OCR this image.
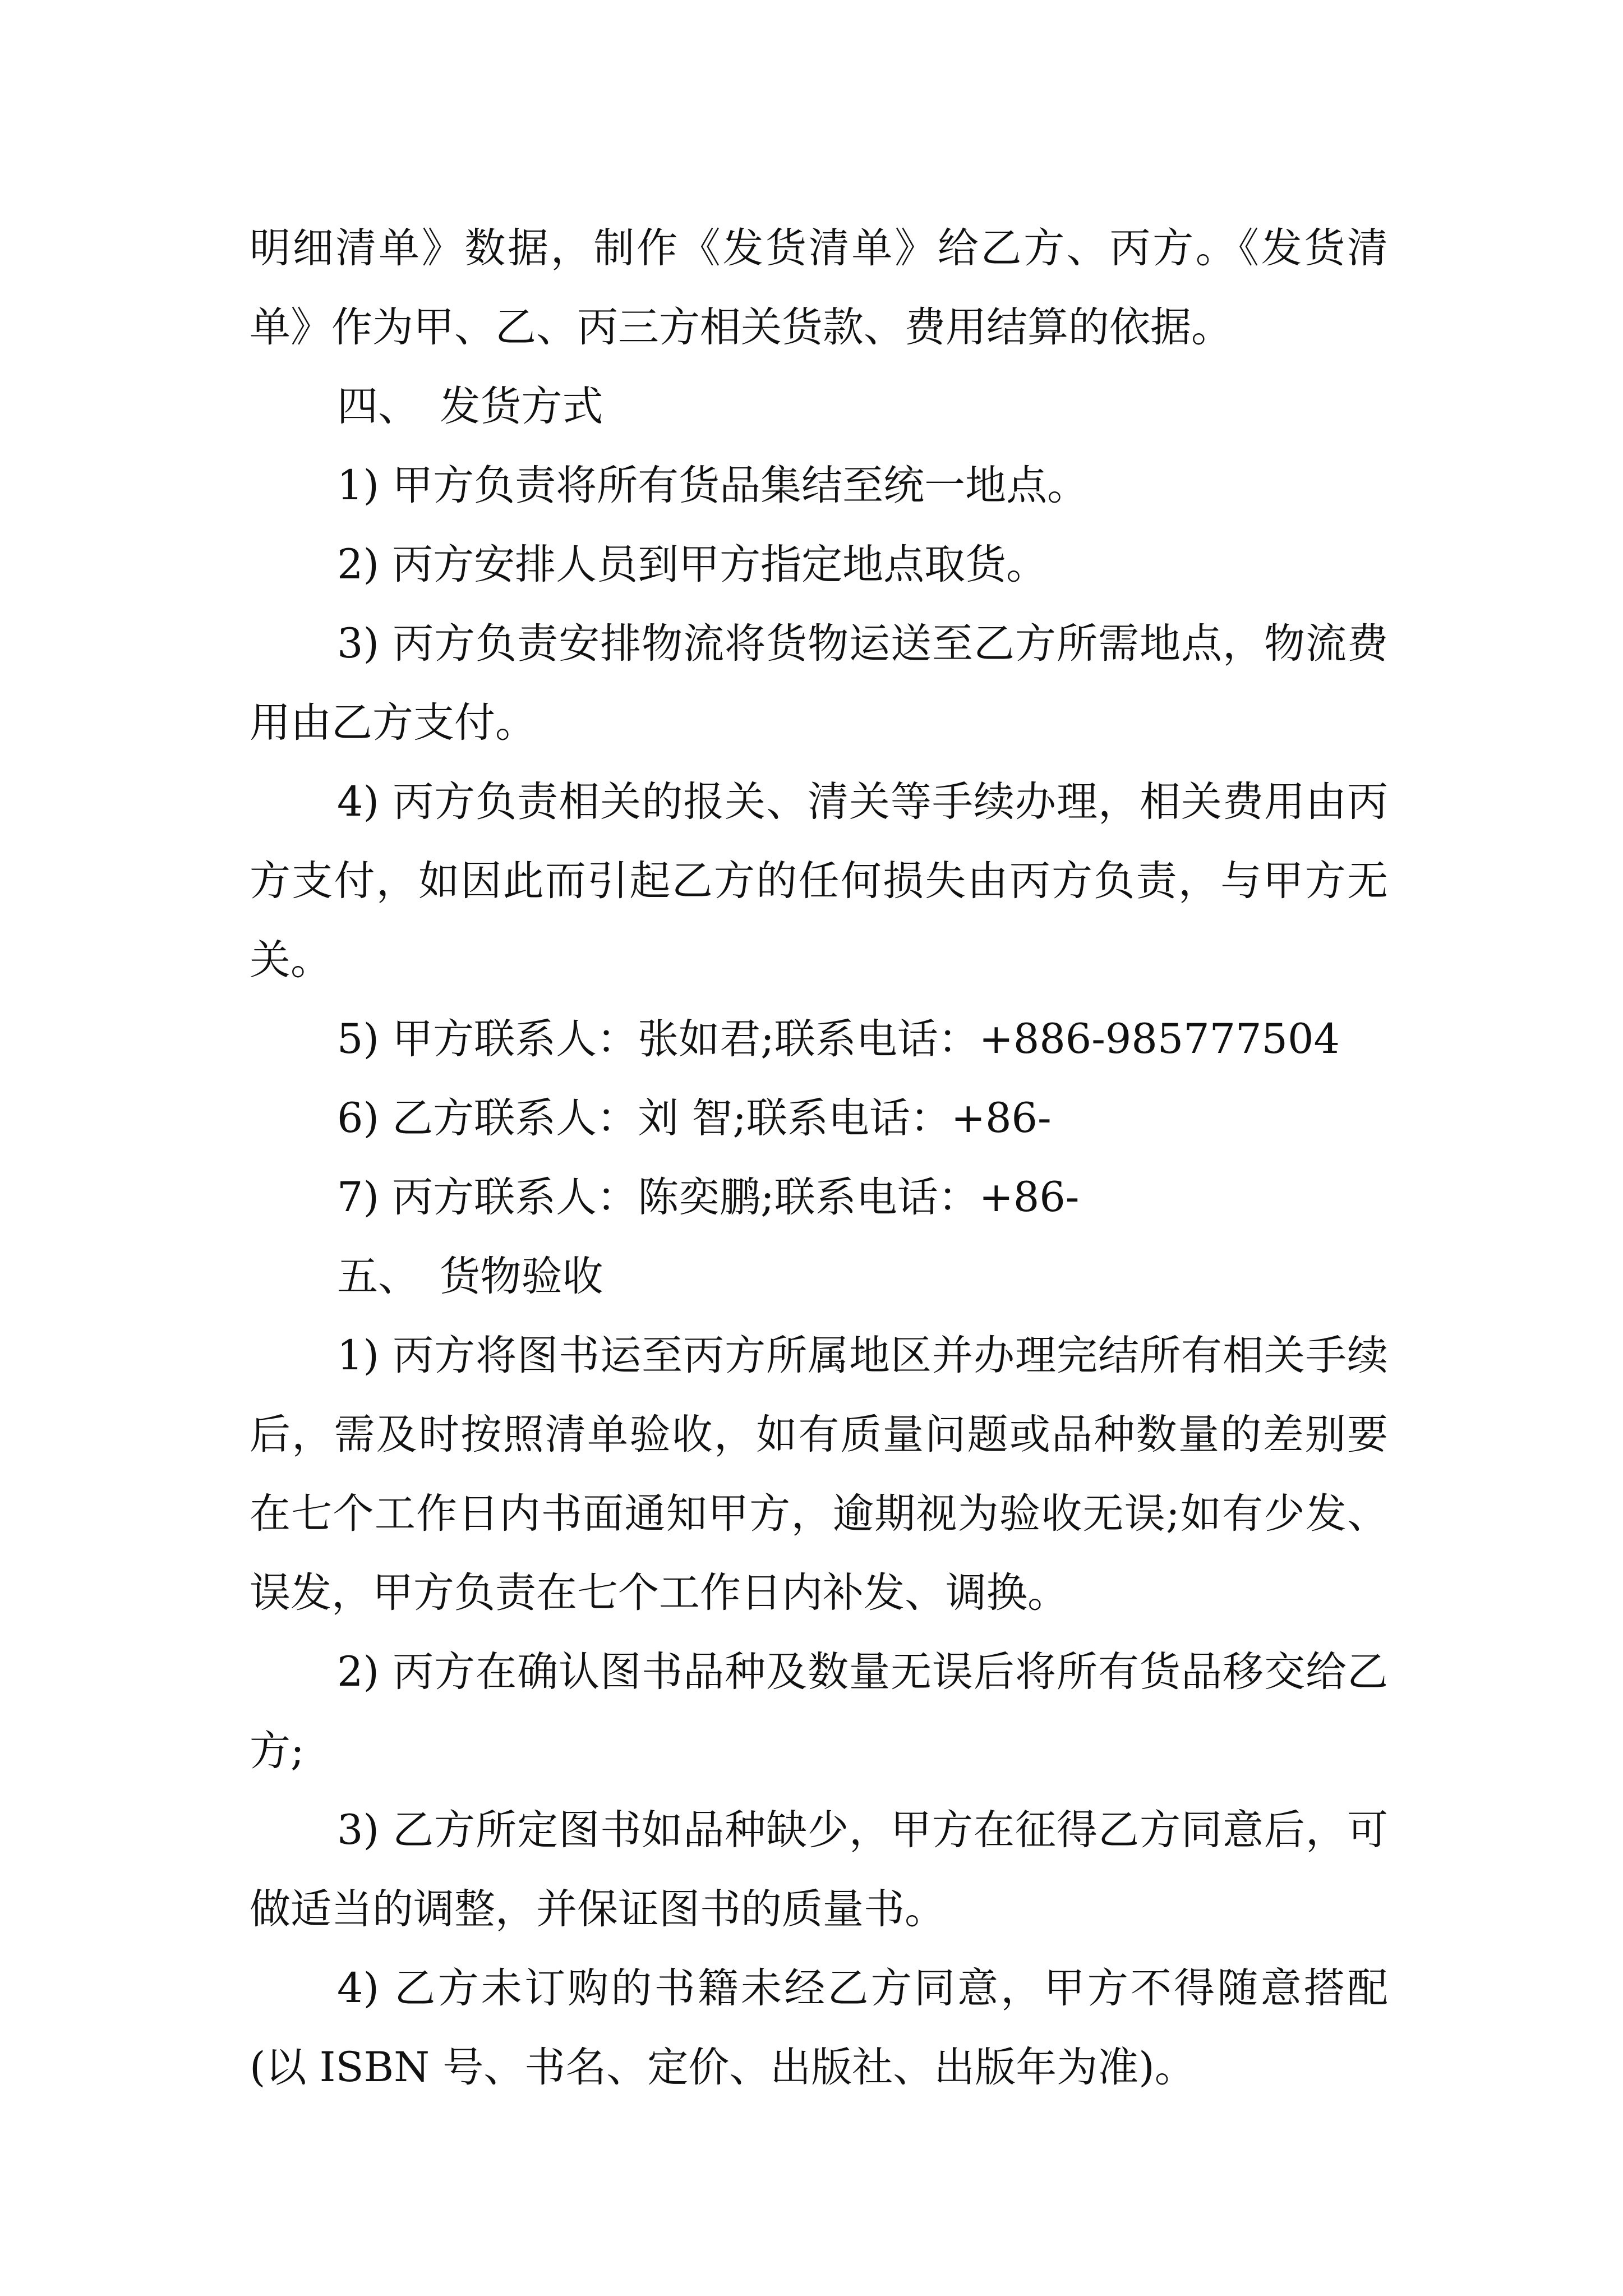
明细清单》数据，制作《发货清单》给乙方、丙方。《发货清单》作为甲、乙、丙三方相关货款、费用结算的依据。

四、　发货方式

1) 甲方负责将所有货品集结至统一地点。

2) 丙方安排人员到甲方指定地点取货。

3) 丙方负责安排物流将货物运送至乙方所需地点，物流费用由乙方支付。

4) 丙方负责相关的报关、清关等手续办理，相关费用由丙方支付，如因此而引起乙方的任何损失由丙方负责，与甲方无关。

5) 甲方联系人：张如君;联系电话：+886-985777504

6) 乙方联系人：刘 智;联系电话：+86-

7) 丙方联系人：陈奕鹏;联系电话：+86-

五、　货物验收

1) 丙方将图书运至丙方所属地区并办理完结所有相关手续后，需及时按照清单验收，如有质量问题或品种数量的差别要在七个工作日内书面通知甲方，逾期视为验收无误;如有少发、误发，甲方负责在七个工作日内补发、调换。

2) 丙方在确认图书品种及数量无误后将所有货品移交给乙方;

3) 乙方所定图书如品种缺少，甲方在征得乙方同意后，可做适当的调整，并保证图书的质量书。

4) 乙方未订购的书籍未经乙方同意，甲方不得随意搭配(以 ISBN 号、书名、定价、出版社、出版年为准)。
